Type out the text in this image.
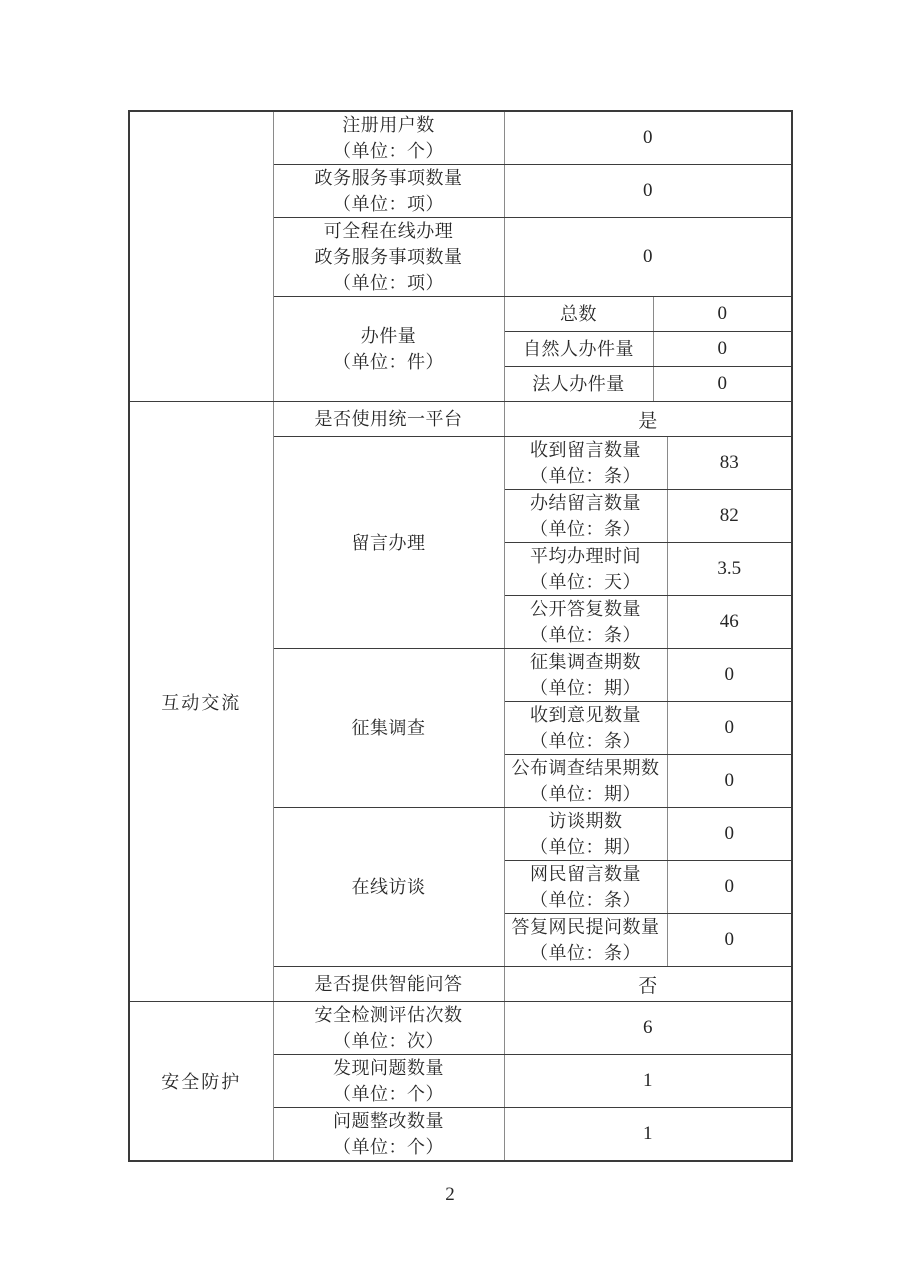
	注册用户数
（单位：个）	0		

	政务服务事项数量
（单位：项）	0		

	可全程在线办理
政务服务事项数量
（单位：项）	0		

	办件量
（单位：件）	总数	0	

		自然人办件量	0	

		法人办件量	0	
互动交流	是否使用统一平台	是		

	留言办理	收到留言数量
（单位：条）		83

		办结留言数量
（单位：条）		82

		平均办理时间
（单位：天）		3.5

		公开答复数量
（单位：条）		46

	征集调查	征集调查期数
（单位：期）		0

		收到意见数量
（单位：条）		0

		公布调查结果期数
（单位：期）		0

	在线访谈	访谈期数
（单位：期）		0

		网民留言数量
（单位：条）		0

		答复网民提问数量
（单位：条）		0

	是否提供智能问答	否		
安全防护	安全检测评估次数
（单位：次）	6		

	发现问题数量
（单位：个）	1		

	问题整改数量
（单位：个）	1		
2
